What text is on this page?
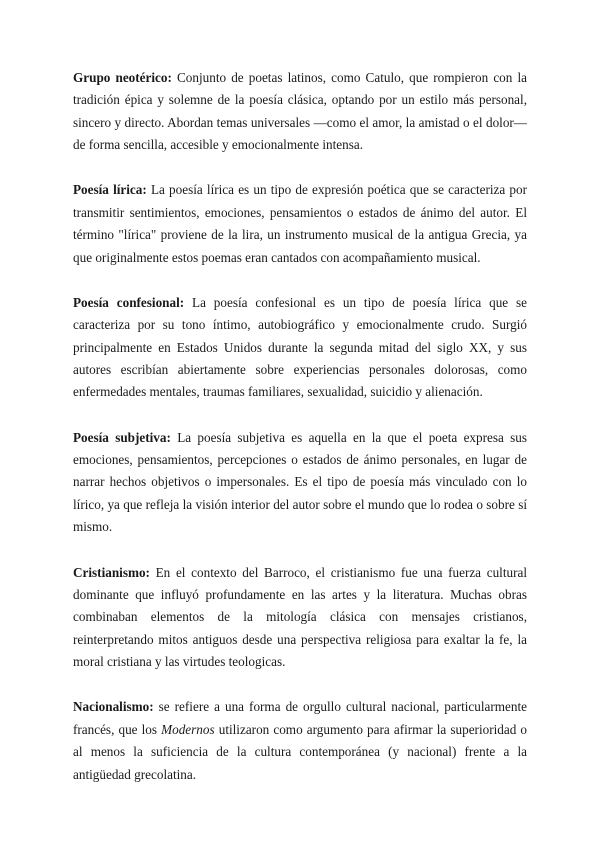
Grupo neotérico: Conjunto de poetas latinos, como Catulo, que rompieron con la tradición épica y solemne de la poesía clásica, optando por un estilo más personal, sincero y directo. Abordan temas universales —como el amor, la amistad o el dolor— de forma sencilla, accesible y emocionalmente intensa.

Poesía lírica: La poesía lírica es un tipo de expresión poética que se caracteriza por transmitir sentimientos, emociones, pensamientos o estados de ánimo del autor. El término "lírica" proviene de la lira, un instrumento musical de la antigua Grecia, ya que originalmente estos poemas eran cantados con acompañamiento musical.

Poesía confesional: La poesía confesional es un tipo de poesía lírica que se caracteriza por su tono íntimo, autobiográfico y emocionalmente crudo. Surgió principalmente en Estados Unidos durante la segunda mitad del siglo XX, y sus autores escribían abiertamente sobre experiencias personales dolorosas, como enfermedades mentales, traumas familiares, sexualidad, suicidio y alienación.

Poesía subjetiva: La poesía subjetiva es aquella en la que el poeta expresa sus emociones, pensamientos, percepciones o estados de ánimo personales, en lugar de narrar hechos objetivos o impersonales. Es el tipo de poesía más vinculado con lo lírico, ya que refleja la visión interior del autor sobre el mundo que lo rodea o sobre sí mismo.

Cristianismo: En el contexto del Barroco, el cristianismo fue una fuerza cultural dominante que influyó profundamente en las artes y la literatura. Muchas obras combinaban elementos de la mitología clásica con mensajes cristianos, reinterpretando mitos antiguos desde una perspectiva religiosa para exaltar la fe, la moral cristiana y las virtudes teologicas.

Nacionalismo: se refiere a una forma de orgullo cultural nacional, particularmente francés, que los Modernos utilizaron como argumento para afirmar la superioridad o al menos la suficiencia de la cultura contemporánea (y nacional) frente a la antigüedad grecolatina.
